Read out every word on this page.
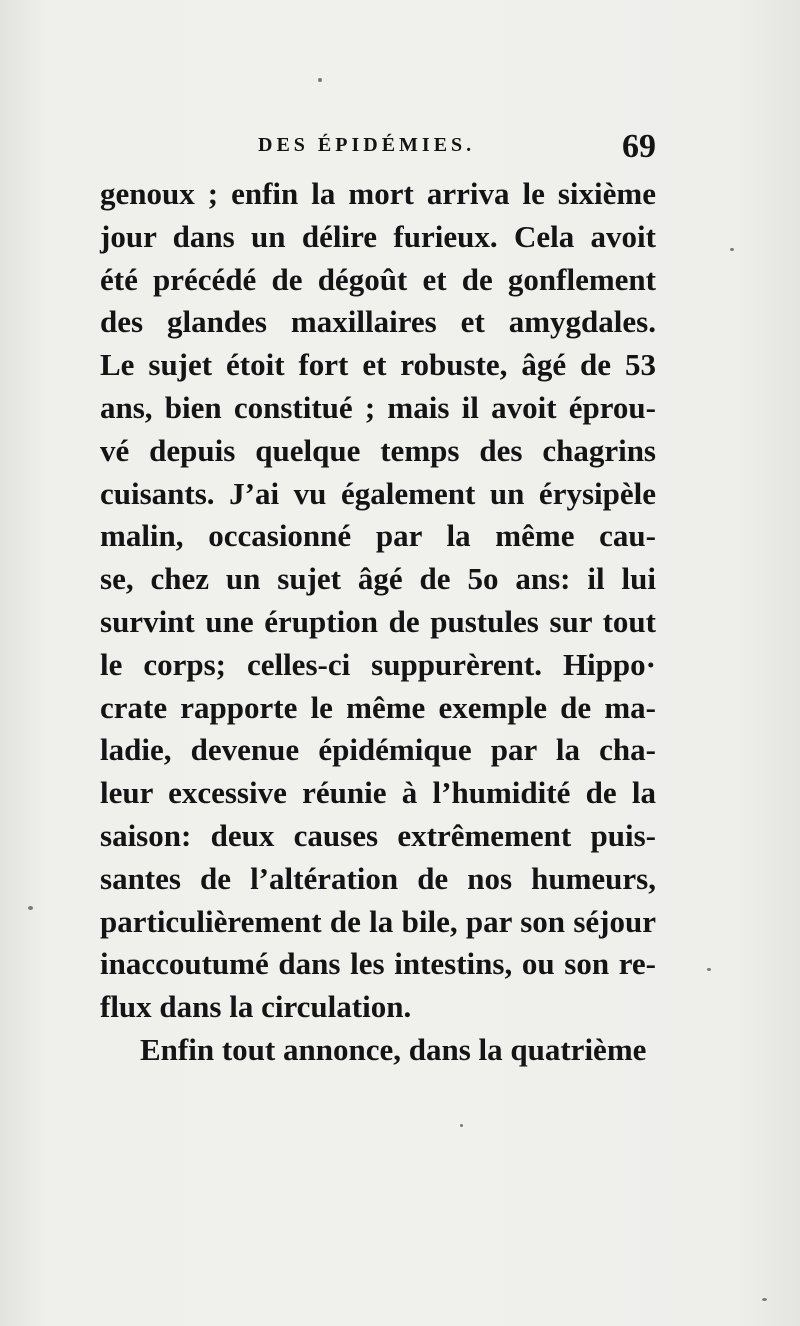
DES ÉPIDÉMIES.	69
genoux ; enfin la mort arriva le sixième
jour dans un délire furieux. Cela avoit
été précédé de dégoût et de gonflement
des glandes maxillaires et amygdales.
Le sujet étoit fort et robuste, âgé de 53
ans, bien constitué ; mais il avoit éprou-
vé depuis quelque temps des chagrins
cuisants. J’ai vu également un érysipèle
malin, occasionné par la même cau-
se, chez un sujet âgé de 5o ans: il lui
survint une éruption de pustules sur tout
le corps; celles-ci suppurèrent. Hippo·
crate rapporte le même exemple de ma-
ladie, devenue épidémique par la cha-
leur excessive réunie à l’humidité de la
saison: deux causes extrêmement puis-
santes de l’altération de nos humeurs,
particulièrement de la bile, par son séjour
inaccoutumé dans les intestins, ou son re-
flux dans la circulation.
Enfin tout annonce, dans la quatrième
